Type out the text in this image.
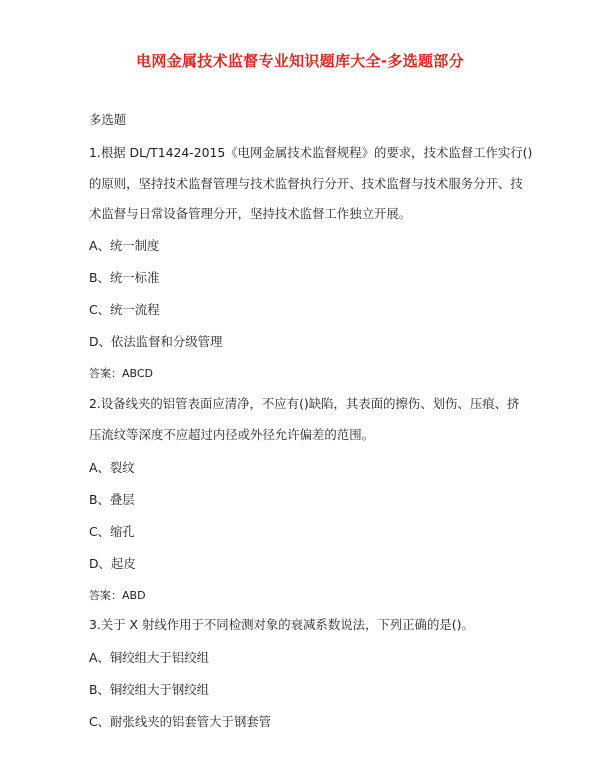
电网金属技术监督专业知识题库大全-多选题部分
多选题
1.根据 DL/T1424-2015《电网金属技术监督规程》的要求，技术监督工作实行()
的原则，坚持技术监督管理与技术监督执行分开、技术监督与技术服务分开、技
术监督与日常设备管理分开，坚持技术监督工作独立开展。
A、统一制度
B、统一标准
C、统一流程
D、依法监督和分级管理
答案：ABCD
2.设备线夹的铝管表面应清净，不应有()缺陷，其表面的擦伤、划伤、压痕、挤
压流纹等深度不应超过内径或外径允许偏差的范围。
A、裂纹
B、叠层
C、缩孔
D、起皮
答案：ABD
3.关于 X 射线作用于不同检测对象的衰减系数说法，下列正确的是()。
A、铜绞组大于铝绞组
B、铜绞组大于钢绞组
C、耐张线夹的铝套管大于钢套管
